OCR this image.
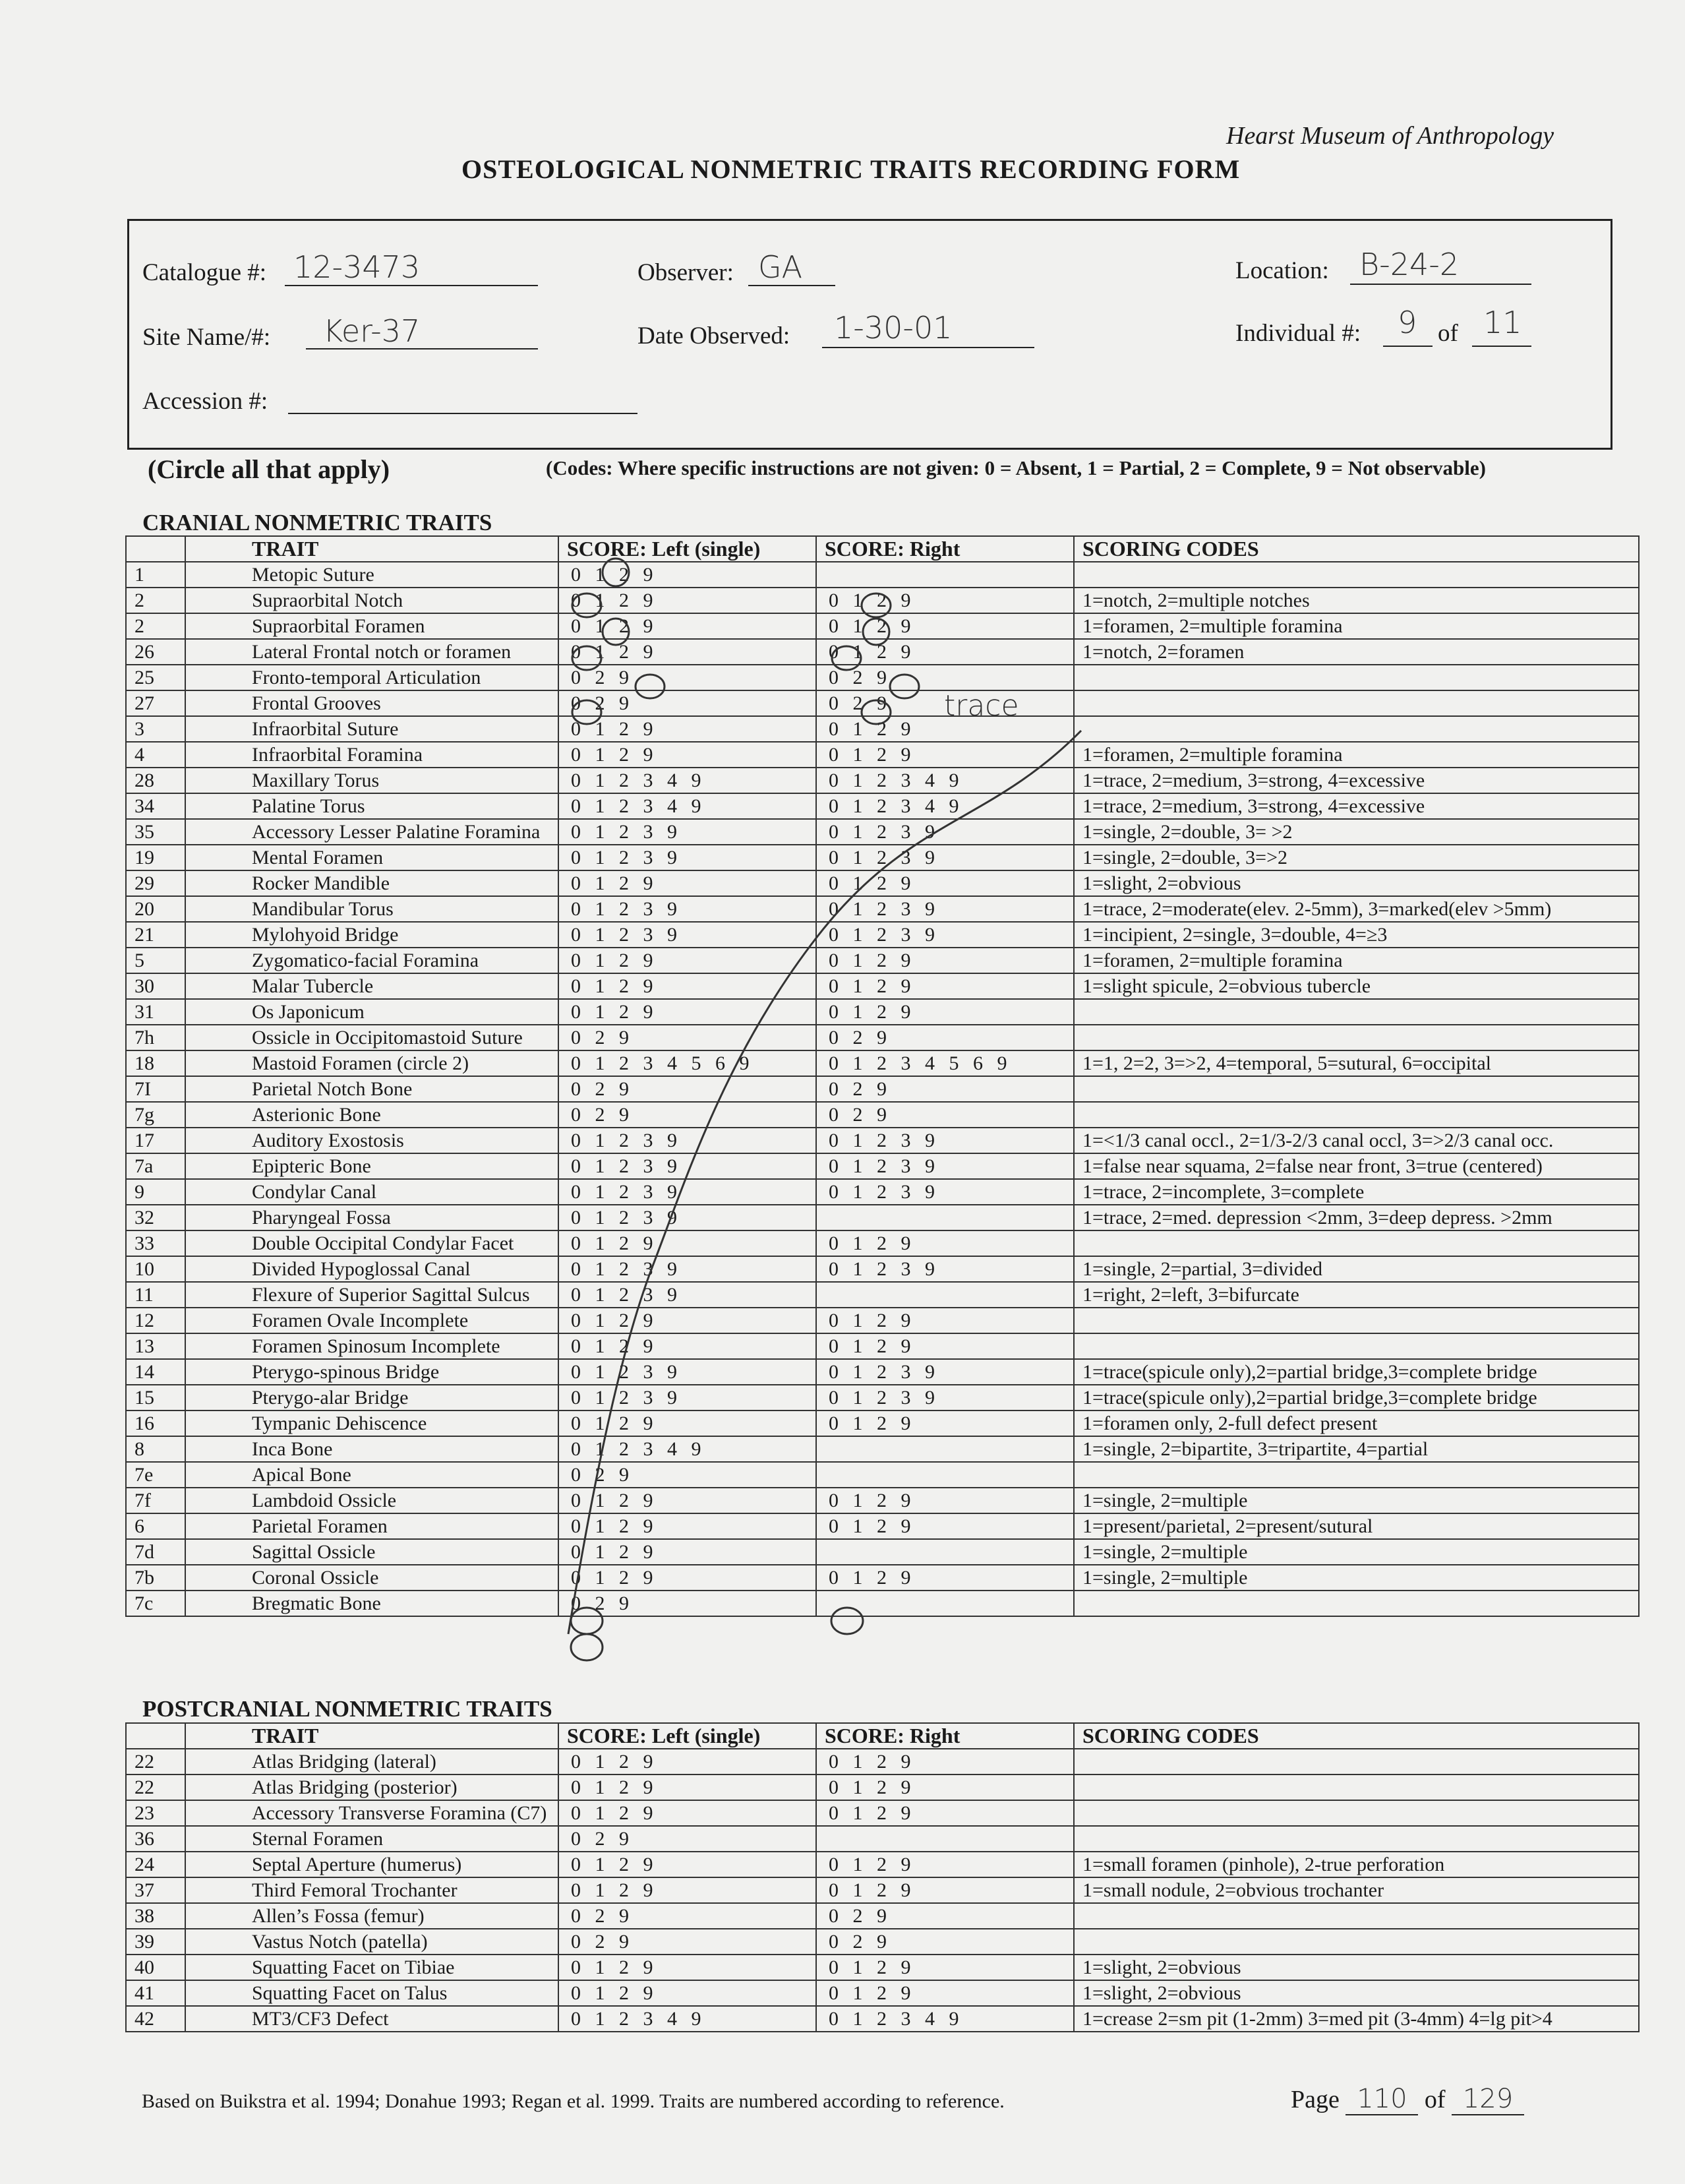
Hearst Museum of Anthropology
OSTEOLOGICAL NONMETRIC TRAITS RECORDING FORM
Catalogue #: 12-3473	Observer: GA	Location: B-24-2
Site Name/#: Ker-37	Date Observed: 1-30-01	Individual #: 9 of 11
Accession #:
(Circle all that apply)	(Codes: Where specific instructions are not given: 0 = Absent, 1 = Partial, 2 = Complete, 9 = Not observable)
CRANIAL NONMETRIC TRAITS
	TRAIT	SCORE: Left (single)	SCORE: Right	SCORING CODES
1	Metopic Suture	0 1 2 9		
2	Supraorbital Notch	0 1 2 9	0 1 2 9	1=notch, 2=multiple notches
2	Supraorbital Foramen	0 1 2 9	0 1 2 9	1=foramen, 2=multiple foramina
26	Lateral Frontal notch or foramen	0 1 2 9	0 1 2 9	1=notch, 2=foramen
25	Fronto-temporal Articulation	0 2 9	0 2 9	
27	Frontal Grooves	0 2 9	0 2 9	
3	Infraorbital Suture	0 1 2 9	0 1 2 9	
4	Infraorbital Foramina	0 1 2 9	0 1 2 9	1=foramen, 2=multiple foramina
28	Maxillary Torus	0 1 2 3 4 9	0 1 2 3 4 9	1=trace, 2=medium, 3=strong, 4=excessive
34	Palatine Torus	0 1 2 3 4 9	0 1 2 3 4 9	1=trace, 2=medium, 3=strong, 4=excessive
35	Accessory Lesser Palatine Foramina	0 1 2 3 9	0 1 2 3 9	1=single, 2=double, 3= >2
19	Mental Foramen	0 1 2 3 9	0 1 2 3 9	1=single, 2=double, 3=>2
29	Rocker Mandible	0 1 2 9	0 1 2 9	1=slight, 2=obvious
20	Mandibular Torus	0 1 2 3 9	0 1 2 3 9	1=trace, 2=moderate(elev. 2-5mm), 3=marked(elev >5mm)
21	Mylohyoid Bridge	0 1 2 3 9	0 1 2 3 9	1=incipient, 2=single, 3=double, 4=≥3
5	Zygomatico-facial Foramina	0 1 2 9	0 1 2 9	1=foramen, 2=multiple foramina
30	Malar Tubercle	0 1 2 9	0 1 2 9	1=slight spicule, 2=obvious tubercle
31	Os Japonicum	0 1 2 9	0 1 2 9	
7h	Ossicle in Occipitomastoid Suture	0 2 9	0 2 9	
18	Mastoid Foramen (circle 2)	0 1 2 3 4 5 6 9	0 1 2 3 4 5 6 9	1=1, 2=2, 3=>2, 4=temporal, 5=sutural, 6=occipital
7I	Parietal Notch Bone	0 2 9	0 2 9	
7g	Asterionic Bone	0 2 9	0 2 9	
17	Auditory Exostosis	0 1 2 3 9	0 1 2 3 9	1=<1/3 canal occl., 2=1/3-2/3 canal occl, 3=>2/3 canal occ.
7a	Epipteric Bone	0 1 2 3 9	0 1 2 3 9	1=false near squama, 2=false near front, 3=true (centered)
9	Condylar Canal	0 1 2 3 9	0 1 2 3 9	1=trace, 2=incomplete, 3=complete
32	Pharyngeal Fossa	0 1 2 3 9		1=trace, 2=med. depression <2mm, 3=deep depress. >2mm
33	Double Occipital Condylar Facet	0 1 2 9	0 1 2 9	
10	Divided Hypoglossal Canal	0 1 2 3 9	0 1 2 3 9	1=single, 2=partial, 3=divided
11	Flexure of Superior Sagittal Sulcus	0 1 2 3 9		1=right, 2=left, 3=bifurcate
12	Foramen Ovale Incomplete	0 1 2 9	0 1 2 9	
13	Foramen Spinosum Incomplete	0 1 2 9	0 1 2 9	
14	Pterygo-spinous Bridge	0 1 2 3 9	0 1 2 3 9	1=trace(spicule only),2=partial bridge,3=complete bridge
15	Pterygo-alar Bridge	0 1 2 3 9	0 1 2 3 9	1=trace(spicule only),2=partial bridge,3=complete bridge
16	Tympanic Dehiscence	0 1 2 9	0 1 2 9	1=foramen only, 2-full defect present
8	Inca Bone	0 1 2 3 4 9		1=single, 2=bipartite, 3=tripartite, 4=partial
7e	Apical Bone	0 2 9		
7f	Lambdoid Ossicle	0 1 2 9	0 1 2 9	1=single, 2=multiple
6	Parietal Foramen	0 1 2 9	0 1 2 9	1=present/parietal, 2=present/sutural
7d	Sagittal Ossicle	0 1 2 9		1=single, 2=multiple
7b	Coronal Ossicle	0 1 2 9	0 1 2 9	1=single, 2=multiple
7c	Bregmatic Bone	0 2 9		
POSTCRANIAL NONMETRIC TRAITS
	TRAIT	SCORE: Left (single)	SCORE: Right	SCORING CODES
22	Atlas Bridging (lateral)	0 1 2 9	0 1 2 9	
22	Atlas Bridging (posterior)	0 1 2 9	0 1 2 9	
23	Accessory Transverse Foramina (C7)	0 1 2 9	0 1 2 9	
36	Sternal Foramen	0 2 9		
24	Septal Aperture (humerus)	0 1 2 9	0 1 2 9	1=small foramen (pinhole), 2-true perforation
37	Third Femoral Trochanter	0 1 2 9	0 1 2 9	1=small nodule, 2=obvious trochanter
38	Allen’s Fossa (femur)	0 2 9	0 2 9	
39	Vastus Notch (patella)	0 2 9	0 2 9	
40	Squatting Facet on Tibiae	0 1 2 9	0 1 2 9	1=slight, 2=obvious
41	Squatting Facet on Talus	0 1 2 9	0 1 2 9	1=slight, 2=obvious
42	MT3/CF3 Defect	0 1 2 3 4 9	0 1 2 3 4 9	1=crease 2=sm pit (1-2mm) 3=med pit (3-4mm) 4=lg pit>4
trace
Based on Buikstra et al. 1994; Donahue 1993; Regan et al. 1999. Traits are numbered according to reference.	Page 110 of 129
